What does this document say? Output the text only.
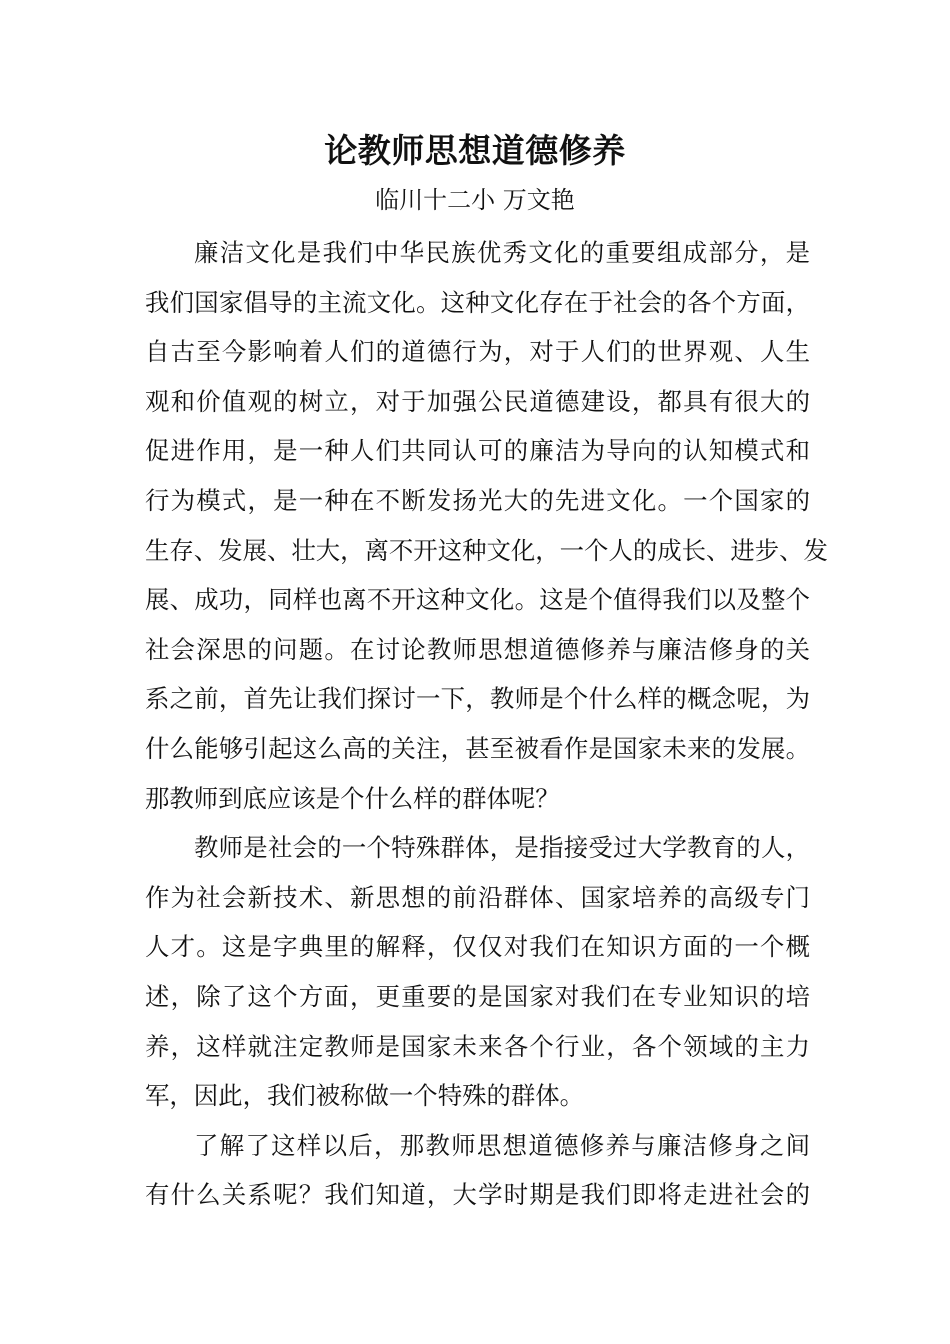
论教师思想道德修养
临川十二小 万文艳
廉洁文化是我们中华民族优秀文化的重要组成部分，是
我们国家倡导的主流文化。这种文化存在于社会的各个方面，
自古至今影响着人们的道德行为，对于人们的世界观、人生
观和价值观的树立，对于加强公民道德建设，都具有很大的
促进作用，是一种人们共同认可的廉洁为导向的认知模式和
行为模式，是一种在不断发扬光大的先进文化。一个国家的
生存、发展、壮大，离不开这种文化，一个人的成长、进步、发
展、成功，同样也离不开这种文化。这是个值得我们以及整个
社会深思的问题。在讨论教师思想道德修养与廉洁修身的关
系之前，首先让我们探讨一下，教师是个什么样的概念呢，为
什么能够引起这么高的关注，甚至被看作是国家未来的发展。
那教师到底应该是个什么样的群体呢？
教师是社会的一个特殊群体，是指接受过大学教育的人，
作为社会新技术、新思想的前沿群体、国家培养的高级专门
人才。这是字典里的解释，仅仅对我们在知识方面的一个概
述，除了这个方面，更重要的是国家对我们在专业知识的培
养，这样就注定教师是国家未来各个行业，各个领域的主力
军，因此，我们被称做一个特殊的群体。
了解了这样以后，那教师思想道德修养与廉洁修身之间
有什么关系呢？我们知道，大学时期是我们即将走进社会的
